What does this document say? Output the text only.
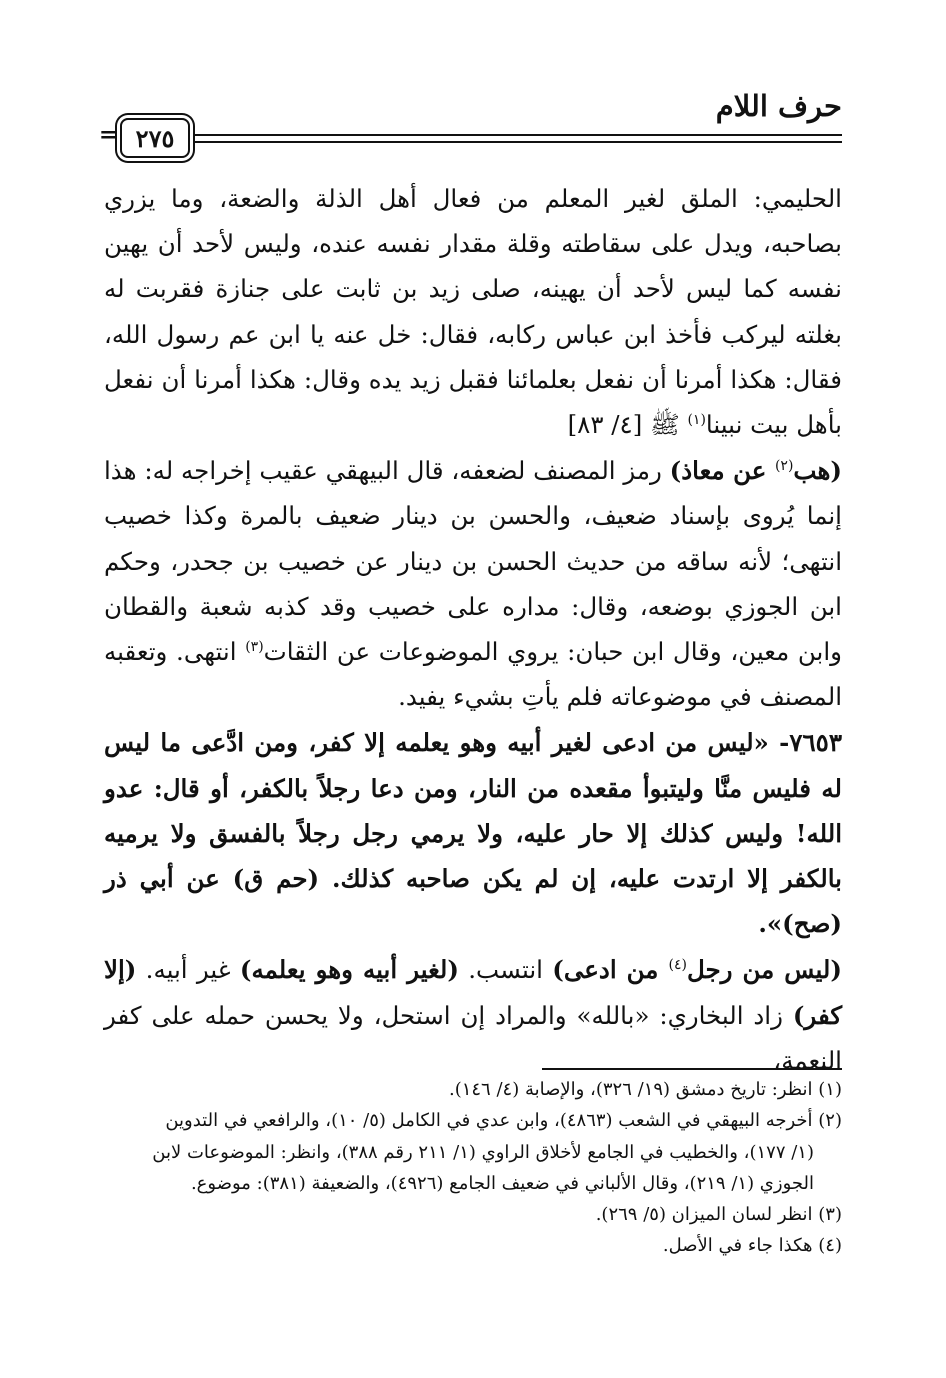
حرف اللام
٢٧٥
=

الحليمي: الملق لغير المعلم من فعال أهل الذلة والضعة، وما يزري بصاحبه، ويدل على سقاطته وقلة مقدار نفسه عنده، وليس لأحد أن يهين نفسه كما ليس لأحد أن يهينه، صلى زيد بن ثابت على جنازة فقربت له بغلته ليركب فأخذ ابن عباس ركابه، فقال: خل عنه يا ابن عم رسول الله، فقال: هكذا أمرنا أن نفعل بعلمائنا فقبل زيد يده وقال: هكذا أمرنا أن نفعل بأهل بيت نبينا$^{(١)}$ ﷺ [٤/ ٨٣]

(هب$^{(٢)}$ عن معاذ) رمز المصنف لضعفه، قال البيهقي عقيب إخراجه له: هذا إنما يُروى بإسناد ضعيف، والحسن بن دينار ضعيف بالمرة وكذا خصيب انتهى؛ لأنه ساقه من حديث الحسن بن دينار عن خصيب بن جحدر، وحكم ابن الجوزي بوضعه، وقال: مداره على خصيب وقد كذبه شعبة والقطان وابن معين، وقال ابن حبان: يروي الموضوعات عن الثقات$^{(٣)}$ انتهى. وتعقبه المصنف في موضوعاته فلم يأتِ بشيء يفيد.

٧٦٥٣- «ليس من ادعى لغير أبيه وهو يعلمه إلا كفر، ومن ادَّعى ما ليس له فليس منَّا وليتبوأ مقعده من النار، ومن دعا رجلاً بالكفر، أو قال: عدو الله! وليس كذلك إلا حار عليه، ولا يرمي رجل رجلاً بالفسق ولا يرميه بالكفر إلا ارتدت عليه، إن لم يكن صاحبه كذلك. (حم ق) عن أبي ذر (صح)».

(ليس من رجل$^{(٤)}$ من ادعى) انتسب. (لغير أبيه وهو يعلمه) غير أبيه. (إلا كفر) زاد البخاري: «بالله» والمراد إن استحل، ولا يحسن حمله على كفر النعمة،

(١) انظر: تاريخ دمشق (١٩/ ٣٢٦)، والإصابة (٤/ ١٤٦).

(٢) أخرجه البيهقي في الشعب (٤٨٦٣)، وابن عدي في الكامل (٥/ ١٠)، والرافعي في التدوين

(١/ ١٧٧)، والخطيب في الجامع لأخلاق الراوي (١/ ٢١١ رقم ٣٨٨)، وانظر: الموضوعات لابن

الجوزي (١/ ٢١٩)، وقال الألباني في ضعيف الجامع (٤٩٢٦)، والضعيفة (٣٨١): موضوع.

(٣) انظر لسان الميزان (٥/ ٢٦٩).

(٤) هكذا جاء في الأصل.
